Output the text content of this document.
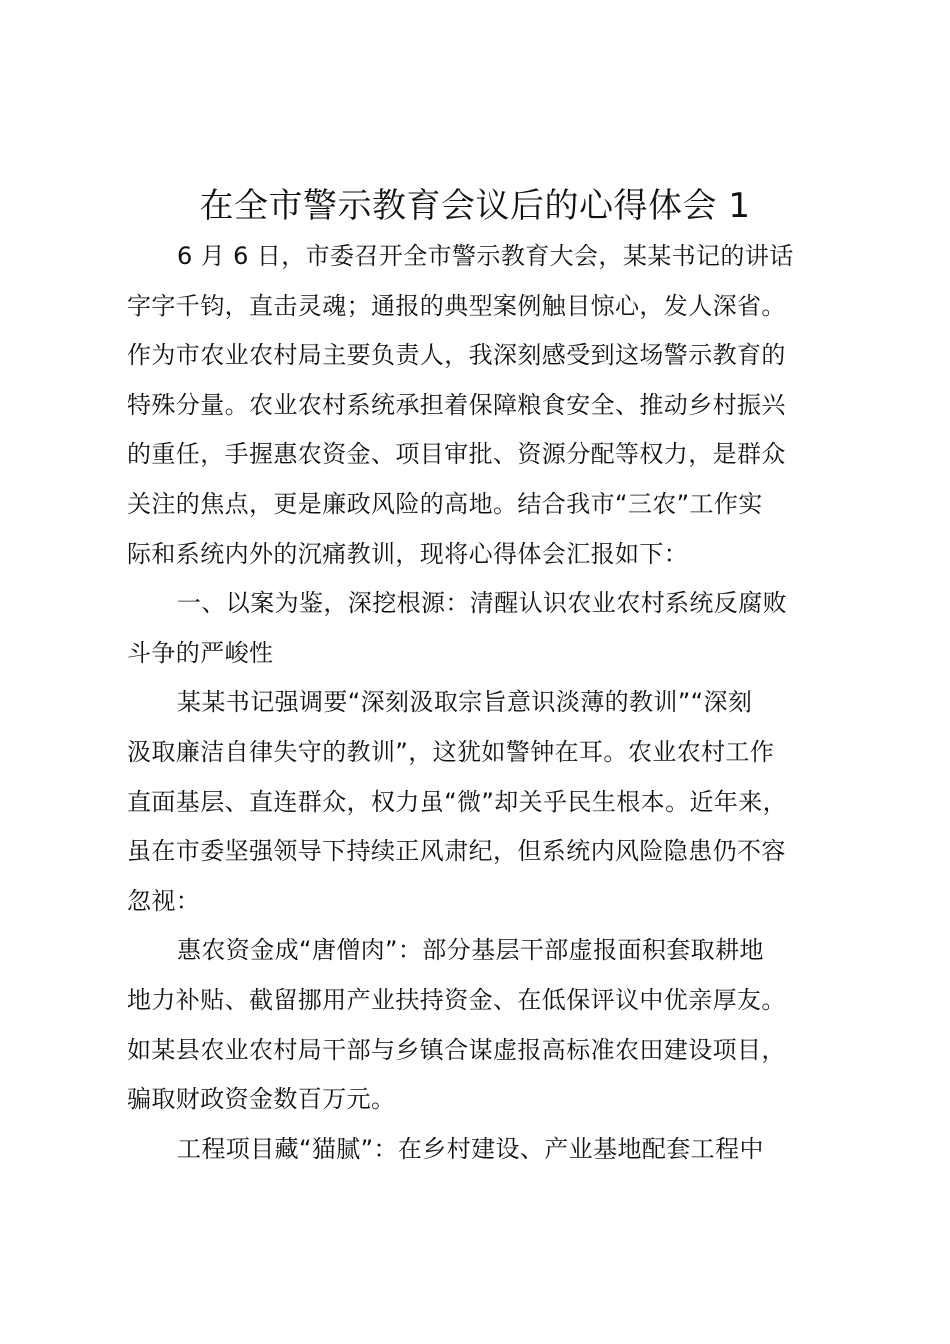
在全市警示教育会议后的心得体会 1
6 月 6 日，市委召开全市警示教育大会，某某书记的讲话
字字千钧，直击灵魂；通报的典型案例触目惊心，发人深省。
作为市农业农村局主要负责人，我深刻感受到这场警示教育的
特殊分量。农业农村系统承担着保障粮食安全、推动乡村振兴
的重任，手握惠农资金、项目审批、资源分配等权力，是群众
关注的焦点，更是廉政风险的高地。结合我市“三农”工作实
际和系统内外的沉痛教训，现将心得体会汇报如下：
一、以案为鉴，深挖根源：清醒认识农业农村系统反腐败
斗争的严峻性
某某书记强调要“深刻汲取宗旨意识淡薄的教训”“深刻
汲取廉洁自律失守的教训”，这犹如警钟在耳。农业农村工作
直面基层、直连群众，权力虽“微”却关乎民生根本。近年来，
虽在市委坚强领导下持续正风肃纪，但系统内风险隐患仍不容
忽视：
惠农资金成“唐僧肉”：部分基层干部虚报面积套取耕地
地力补贴、截留挪用产业扶持资金、在低保评议中优亲厚友。
如某县农业农村局干部与乡镇合谋虚报高标准农田建设项目，
骗取财政资金数百万元。
工程项目藏“猫腻”：在乡村建设、产业基地配套工程中
